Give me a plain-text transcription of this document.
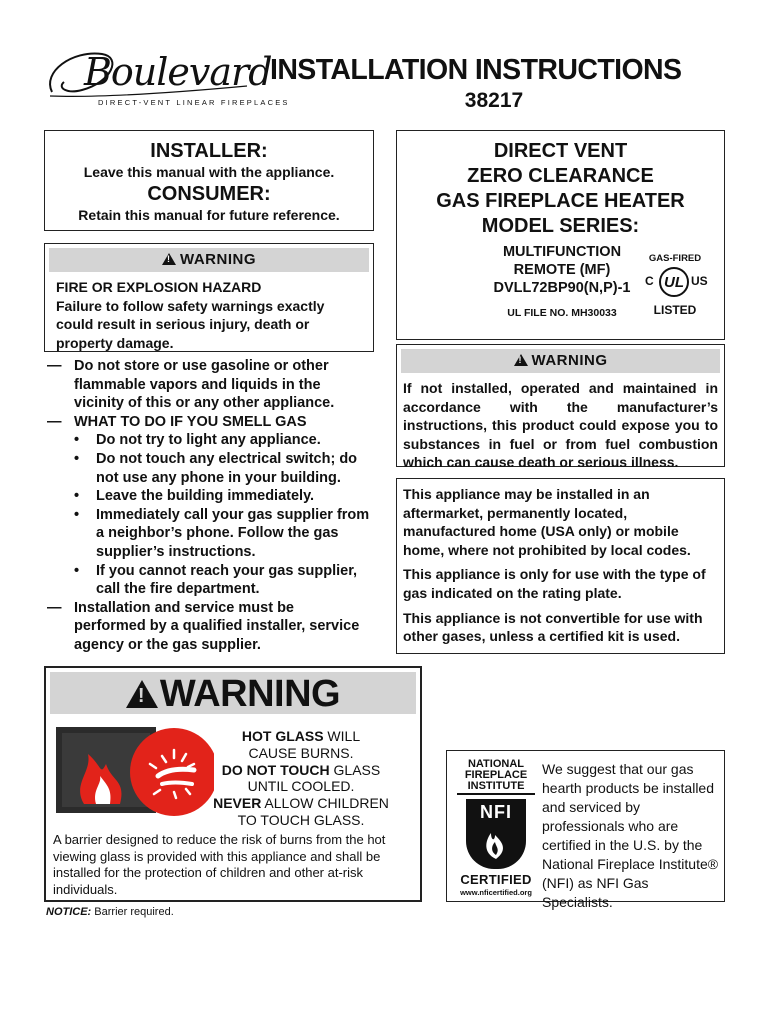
Boulevard
DIRECT-VENT LINEAR FIREPLACES
INSTALLATION INSTRUCTIONS
38217
INSTALLER:
Leave this manual with the appliance.
CONSUMER:
Retain this manual for future reference.
DIRECT VENT
ZERO CLEARANCE
GAS FIREPLACE HEATER
MODEL SERIES:
MULTIFUNCTION
REMOTE (MF)
DVLL72BP90(N,P)-1
UL FILE NO. MH30033
GAS-FIRED
UL
C	US
LISTED
!WARNING
FIRE OR EXPLOSION HAZARD
Failure to follow safety warnings exactly could result in serious injury, death or property damage.
— Do not store or use gasoline or other flammable vapors and liquids in the vicinity of this or any other appliance.
— WHAT TO DO IF YOU SMELL GAS
•	Do not try to light any appliance.
•	Do not touch any electrical switch; do not use any phone in your building.
•	Leave the building immediately.
•	Immediately call your gas supplier from a neighbor’s phone. Follow the gas supplier’s instructions.
•	If you cannot reach your gas supplier, call the fire department.
— Installation and service must be performed by a qualified installer, service agency or the gas supplier.
!WARNING
If not installed, operated and maintained in accordance with the manufacturer’s instructions, this product could expose you to substances in fuel or from fuel combustion which can cause death or serious illness.
This appliance may be installed in an aftermarket, permanently located, manufactured home (USA only) or mobile home, where not prohibited by local codes.
This appliance is only for use with the type of gas indicated on the rating plate.
This appliance is not convertible for use with other gases, unless a certified kit is used.
! WARNING
HOT GLASS WILL
CAUSE BURNS.
DO NOT TOUCH GLASS
UNTIL COOLED.
NEVER ALLOW CHILDREN
TO TOUCH GLASS.
A barrier designed to reduce the risk of burns from the hot viewing glass is provided with this appliance and shall be installed for the protection of children and other at-risk individuals.
NOTICE: Barrier required.
NATIONAL
FIREPLACE
INSTITUTE
NFI
CERTIFIED
www.nficertified.org
We suggest that our gas hearth products be installed and serviced by professionals who are certified in the U.S. by the National Fireplace Institute® (NFI) as NFI Gas Specialists.
